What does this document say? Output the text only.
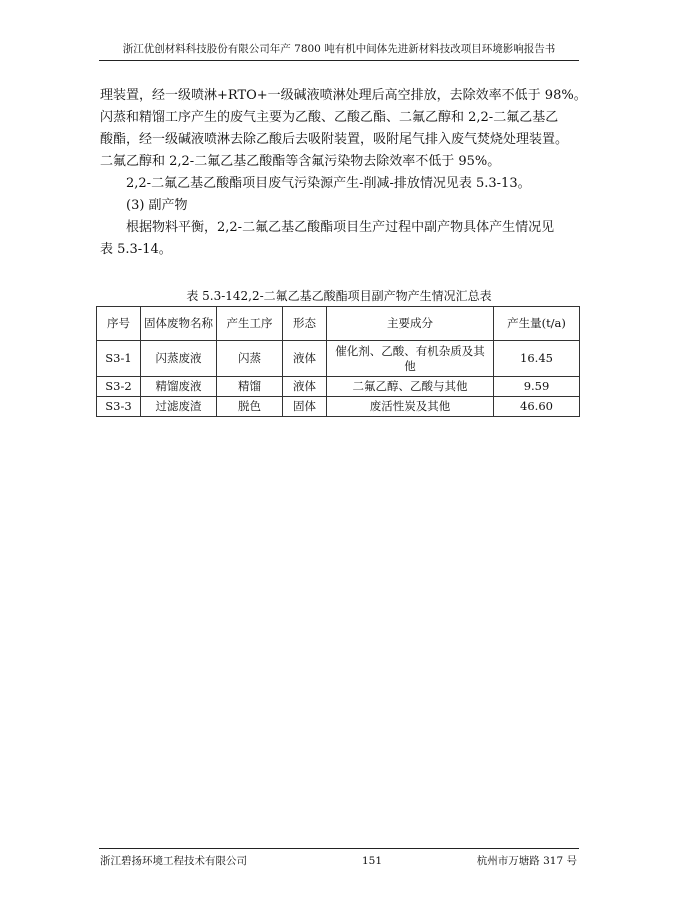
浙江优创材料科技股份有限公司年产 7800 吨有机中间体先进新材料技改项目环境影响报告书
理装置，经一级喷淋+RTO+一级碱液喷淋处理后高空排放，去除效率不低于 98%。
闪蒸和精馏工序产生的废气主要为乙酸、乙酸乙酯、二氟乙醇和 2,2-二氟乙基乙
酸酯，经一级碱液喷淋去除乙酸后去吸附装置，吸附尾气排入废气焚烧处理装置。
二氟乙醇和 2,2-二氟乙基乙酸酯等含氟污染物去除效率不低于 95%。
2,2-二氟乙基乙酸酯项目废气污染源产生-削减-排放情况见表 5.3-13。
(3) 副产物
根据物料平衡，2,2-二氟乙基乙酸酯项目生产过程中副产物具体产生情况见
表 5.3-14。
表 5.3-142,2-二氟乙基乙酸酯项目副产物产生情况汇总表
序号	固体废物名称	产生工序	形态	主要成分	产生量(t/a)
S3-1	闪蒸废液	闪蒸	液体	催化剂、乙酸、有机杂质及其他	16.45
S3-2	精馏废液	精馏	液体	二氟乙醇、乙酸与其他	9.59
S3-3	过滤废渣	脱色	固体	废活性炭及其他	46.60
浙江碧扬环境工程技术有限公司	151	杭州市万塘路 317 号
